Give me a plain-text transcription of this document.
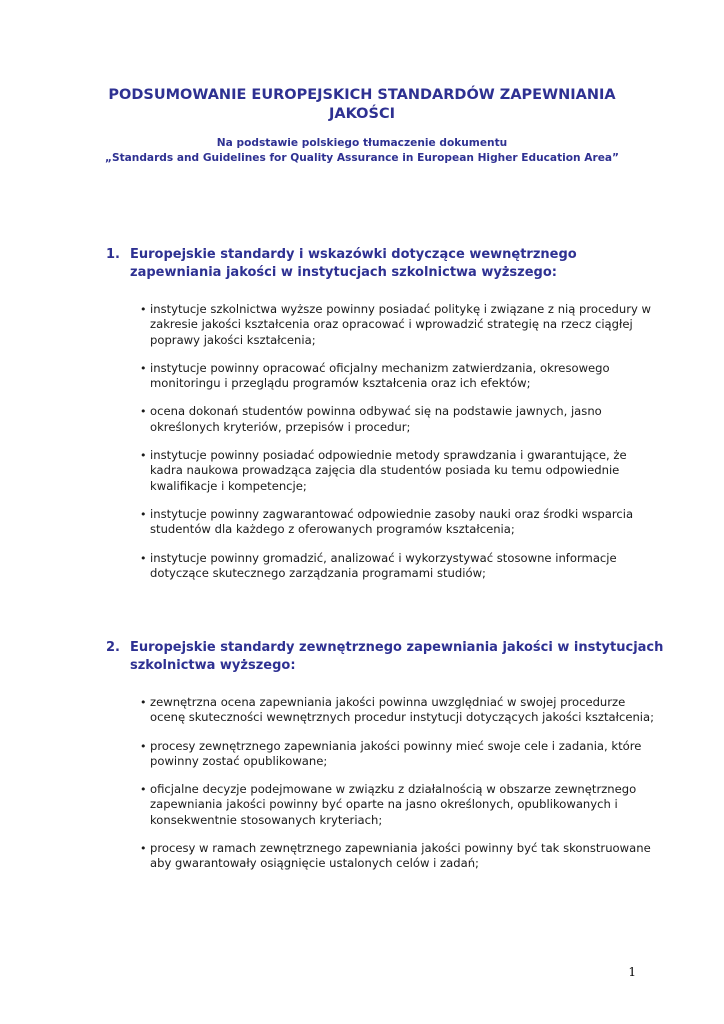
PODSUMOWANIE EUROPEJSKICH STANDARDÓW ZAPEWNIANIA JAKOŚCI
Na podstawie polskiego tłumaczenie dokumentu
„Standards and Guidelines for Quality Assurance in European Higher Education Area”
1. Europejskie standardy i wskazówki dotyczące wewnętrznego zapewniania jakości w instytucjach szkolnictwa wyższego:
• instytucje szkolnictwa wyższe powinny posiadać politykę i związane z nią procedury w zakresie jakości kształcenia oraz opracować i wprowadzić strategię na rzecz ciągłej poprawy jakości kształcenia;
• instytucje powinny opracować oficjalny mechanizm zatwierdzania, okresowego monitoringu i przeglądu programów kształcenia oraz ich efektów;
• ocena dokonań studentów powinna odbywać się na podstawie jawnych, jasno określonych kryteriów, przepisów i procedur;
• instytucje powinny posiadać odpowiednie metody sprawdzania i gwarantujące, że kadra naukowa prowadząca zajęcia dla studentów posiada ku temu odpowiednie kwalifikacje i kompetencje;
• instytucje powinny zagwarantować odpowiednie zasoby nauki oraz środki wsparcia studentów dla każdego z oferowanych programów kształcenia;
• instytucje powinny gromadzić, analizować i wykorzystywać stosowne informacje dotyczące skutecznego zarządzania programami studiów;
2. Europejskie standardy zewnętrznego zapewniania jakości w instytucjach szkolnictwa wyższego:
• zewnętrzna ocena zapewniania jakości powinna uwzględniać w swojej procedurze ocenę skuteczności wewnętrznych procedur instytucji dotyczących jakości kształcenia;
• procesy zewnętrznego zapewniania jakości powinny mieć swoje cele i zadania, które powinny zostać opublikowane;
• oficjalne decyzje podejmowane w związku z działalnością w obszarze zewnętrznego zapewniania jakości powinny być oparte na jasno określonych, opublikowanych i konsekwentnie stosowanych kryteriach;
• procesy w ramach zewnętrznego zapewniania jakości powinny być tak skonstruowane aby gwarantowały osiągnięcie ustalonych celów i zadań;
1
